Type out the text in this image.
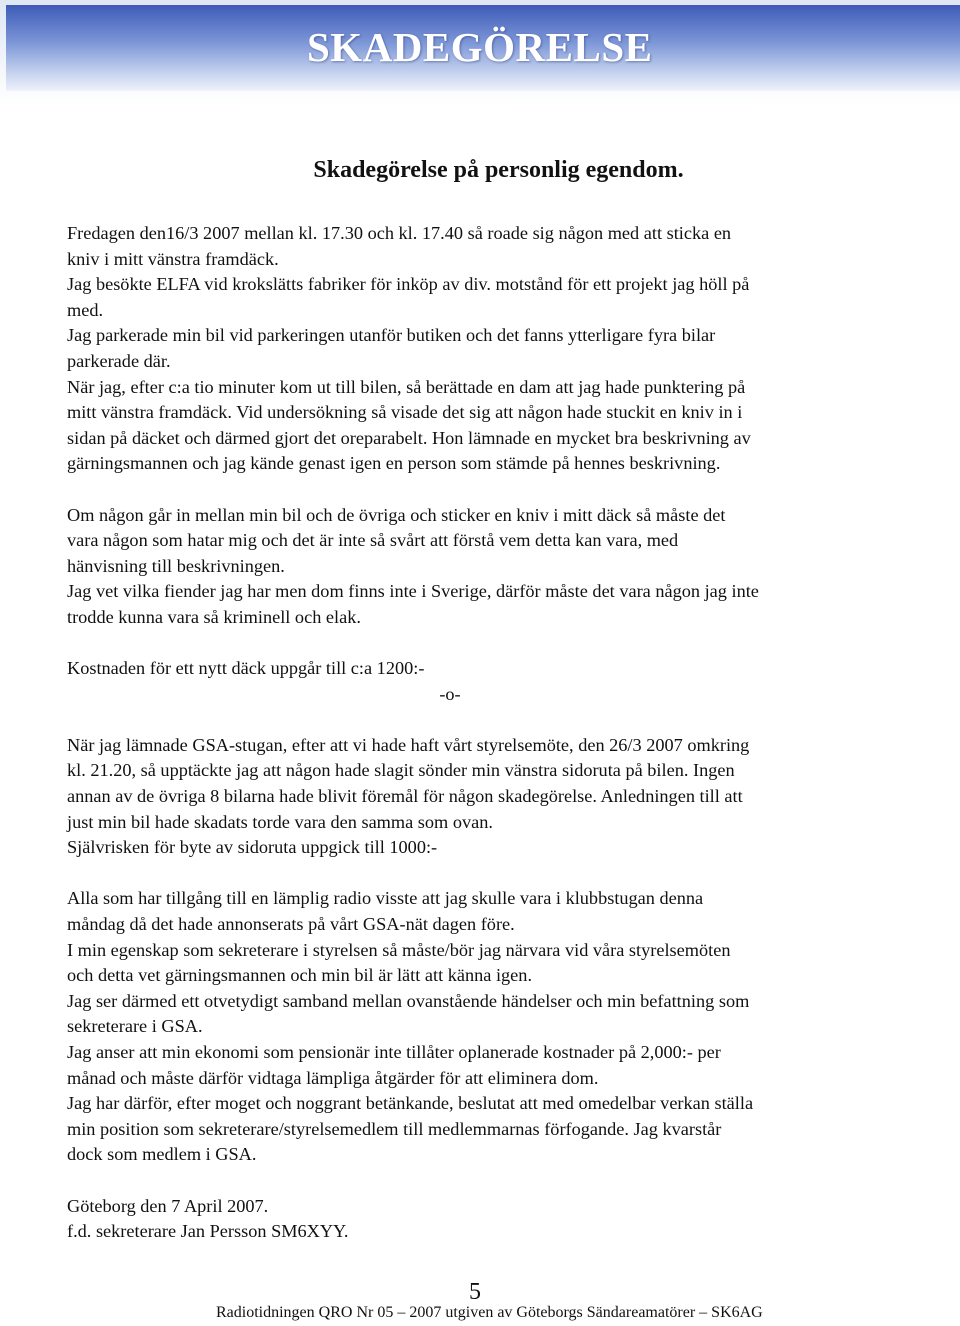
SKADEGÖRELSE
Skadegörelse på personlig egendom.
Fredagen den16/3 2007 mellan kl. 17.30 och kl. 17.40 så roade sig någon med att sticka en
kniv i mitt vänstra framdäck.
Jag besökte ELFA vid krokslätts fabriker för inköp av div. motstånd för ett projekt jag höll på
med.
Jag parkerade min bil vid parkeringen utanför butiken och det fanns ytterligare fyra bilar
parkerade där.
När jag, efter c:a tio minuter kom ut till bilen, så berättade en dam att jag hade punktering på
mitt vänstra framdäck. Vid undersökning så visade det sig att någon hade stuckit en kniv in i
sidan på däcket och därmed gjort det oreparabelt. Hon lämnade en mycket bra beskrivning av
gärningsmannen och jag kände genast igen en person som stämde på hennes beskrivning.
Om någon går in mellan min bil och de övriga och sticker en kniv i mitt däck så måste det
vara någon som hatar mig och det är inte så svårt att förstå vem detta kan vara, med
hänvisning till beskrivningen.
Jag vet vilka fiender jag har men dom finns inte i Sverige, därför måste det vara någon jag inte
trodde kunna vara så kriminell och elak.
Kostnaden för ett nytt däck uppgår till c:a 1200:-
-o-
När jag lämnade GSA-stugan, efter att vi hade haft vårt styrelsemöte, den 26/3 2007 omkring
kl. 21.20, så upptäckte jag att någon hade slagit sönder min vänstra sidoruta på bilen. Ingen
annan av de övriga 8 bilarna hade blivit föremål för någon skadegörelse. Anledningen till att
just min bil hade skadats torde vara den samma som ovan.
Självrisken för byte av sidoruta uppgick till 1000:-
Alla som har tillgång till en lämplig radio visste att jag skulle vara i klubbstugan denna
måndag då det hade annonserats på vårt GSA-nät dagen före.
I min egenskap som sekreterare i styrelsen så måste/bör jag närvara vid våra styrelsemöten
och detta vet gärningsmannen och min bil är lätt att känna igen.
Jag ser därmed ett otvetydigt samband mellan ovanstående händelser och min befattning som
sekreterare i GSA.
Jag anser att min ekonomi som pensionär inte tillåter oplanerade kostnader på 2,000:- per
månad och måste därför vidtaga lämpliga åtgärder för att eliminera dom.
Jag har därför, efter moget och noggrant betänkande, beslutat att med omedelbar verkan ställa
min position som sekreterare/styrelsemedlem till medlemmarnas förfogande. Jag kvarstår
dock som medlem i GSA.
Göteborg den 7 April 2007.
f.d. sekreterare Jan Persson SM6XYY.
5
Radiotidningen QRO Nr 05 – 2007 utgiven av Göteborgs Sändareamatörer – SK6AG
